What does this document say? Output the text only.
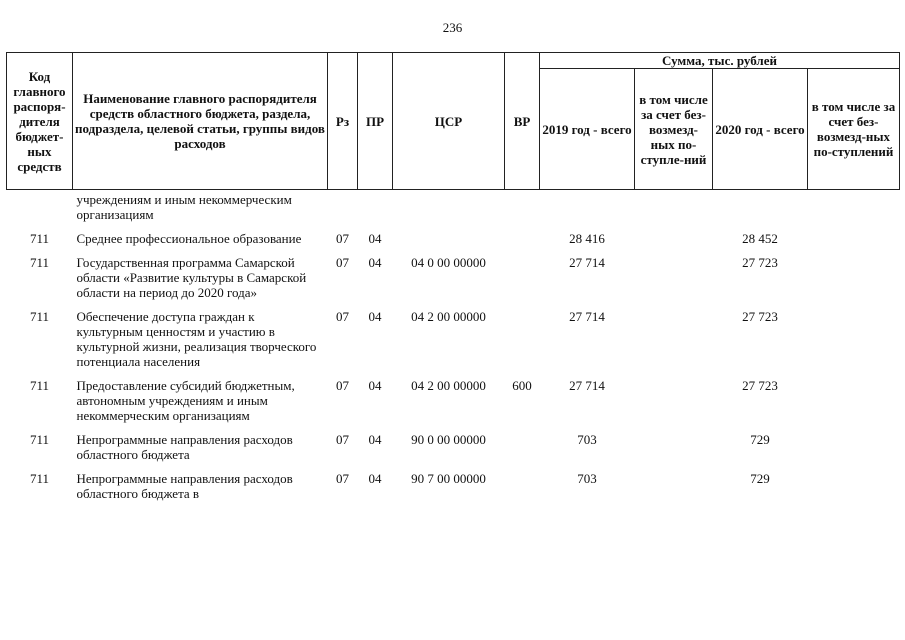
236
Код главного распоря-дителя бюджет-ных средств	Наименование главного распорядителя средств областного бюджета, раздела, подраздела, целевой статьи, группы видов расходов	Рз	ПР	ЦСР	ВР	Сумма, тыс. рублей			
						2019 год - всего	в том числе за счет без-возмезд-ных по-ступле-ний	2020 год - всего	в том числе за счет без-возмезд-ных по-ступлений
	учреждениям и иным некоммерческим организациям								
711	Среднее профессиональное образование	07	04			28 416		28 452	
711	Государственная программа Самарской области «Развитие культуры в Самарской области на период до 2020 года»	07	04	04 0 00 00000		27 714		27 723	
711	Обеспечение доступа граждан к культурным ценностям и участию в культурной жизни, реализация творческого потенциала населения	07	04	04 2 00 00000		27 714		27 723	
711	Предоставление субсидий бюджетным, автономным учреждениям и иным некоммерческим организациям	07	04	04 2 00 00000	600	27 714		27 723	
711	Непрограммные направления расходов областного бюджета	07	04	90 0 00 00000		703		729	
711	Непрограммные направления расходов областного бюджета в	07	04	90 7 00 00000		703		729	
